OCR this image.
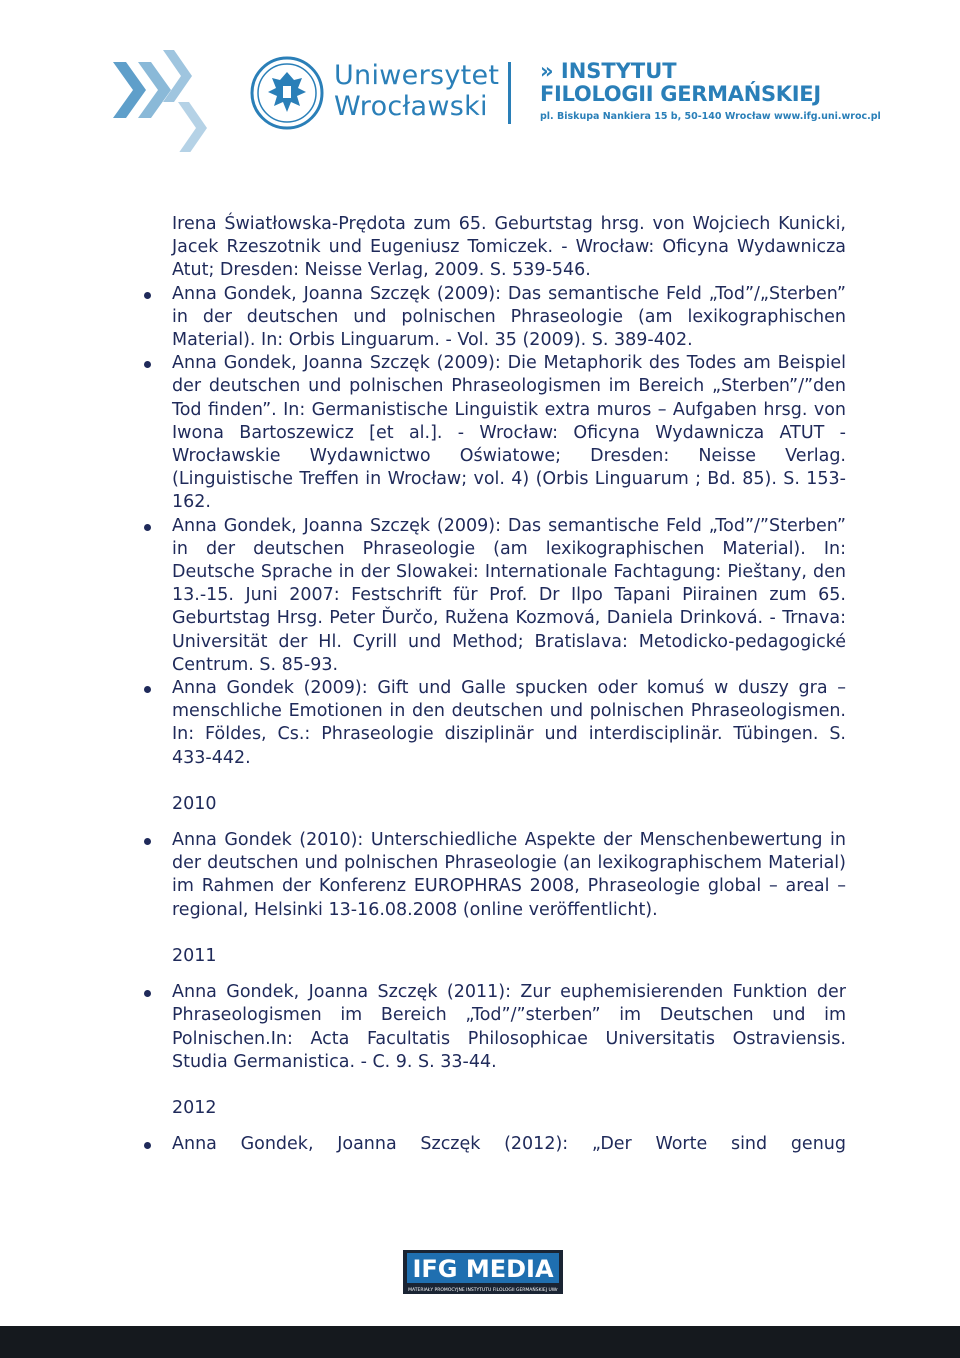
Uniwersytet
Wrocławski
» INSTYTUT
FILOLOGII GERMAŃSKIEJ
pl. Biskupa Nankiera 15 b, 50-140 Wrocław www.ifg.uni.wroc.pl

Irena Światłowska-Prędota zum 65. Geburtstag hrsg. von Wojciech Kunicki, Jacek Rzeszotnik und Eugeniusz Tomiczek. - Wrocław: Oficyna Wydawnicza Atut; Dresden: Neisse Verlag, 2009. S. 539-546.

Anna Gondek, Joanna Szczęk (2009): Das semantische Feld „Tod”/„Sterben” in der deutschen und polnischen Phraseologie (am lexikographischen Material). In: Orbis Linguarum. - Vol. 35 (2009). S. 389-402.
Anna Gondek, Joanna Szczęk (2009): Die Metaphorik des Todes am Beispiel der deutschen und polnischen Phraseologismen im Bereich „Sterben”/”den Tod finden”. In: Germanistische Linguistik extra muros – Aufgaben hrsg. von Iwona Bartoszewicz [et al.]. - Wrocław: Oficyna Wydawnicza ATUT - Wrocławskie Wydawnictwo Oświatowe; Dresden: Neisse Verlag. (Linguistische Treffen in Wrocław; vol. 4) (Orbis Linguarum ; Bd. 85). S. 153-162.
Anna Gondek, Joanna Szczęk (2009): Das semantische Feld „Tod”/”Sterben” in der deutschen Phraseologie (am lexikographischen Material). In: Deutsche Sprache in der Slowakei: Internationale Fachtagung: Pieštany, den 13.-15. Juni 2007: Festschrift für Prof. Dr Ilpo Tapani Piirainen zum 65. Geburtstag Hrsg. Peter Ďurčo, Ružena Kozmová, Daniela Drinková. - Trnava: Universität der Hl. Cyrill und Method; Bratislava: Metodicko-pedagogické Centrum. S. 85-93.
Anna Gondek (2009): Gift und Galle spucken oder komuś w duszy gra – menschliche Emotionen in den deutschen und polnischen Phraseologismen. In: Földes, Cs.: Phraseologie disziplinär und interdisciplinär. Tübingen. S. 433-442.
2010
Anna Gondek (2010): Unterschiedliche Aspekte der Menschenbewertung in der deutschen und polnischen Phraseologie (an lexikographischem Material) im Rahmen der Konferenz EUROPHRAS 2008, Phraseologie global – areal – regional, Helsinki 13-16.08.2008 (online veröffentlicht).
2011
Anna Gondek, Joanna Szczęk (2011): Zur euphemisierenden Funktion der Phraseologismen im Bereich „Tod”/”sterben” im Deutschen und im Polnischen.In: Acta Facultatis Philosophicae Universitatis Ostraviensis. Studia Germanistica. - C. 9. S. 33-44.
2012
Anna Gondek, Joanna Szczęk (2012): „Der Worte sind genug
IFG MEDIA
MATERIAŁY PROMOCYJNE INSTYTUTU FILOLOGII GERMAŃSKIEJ UWr
